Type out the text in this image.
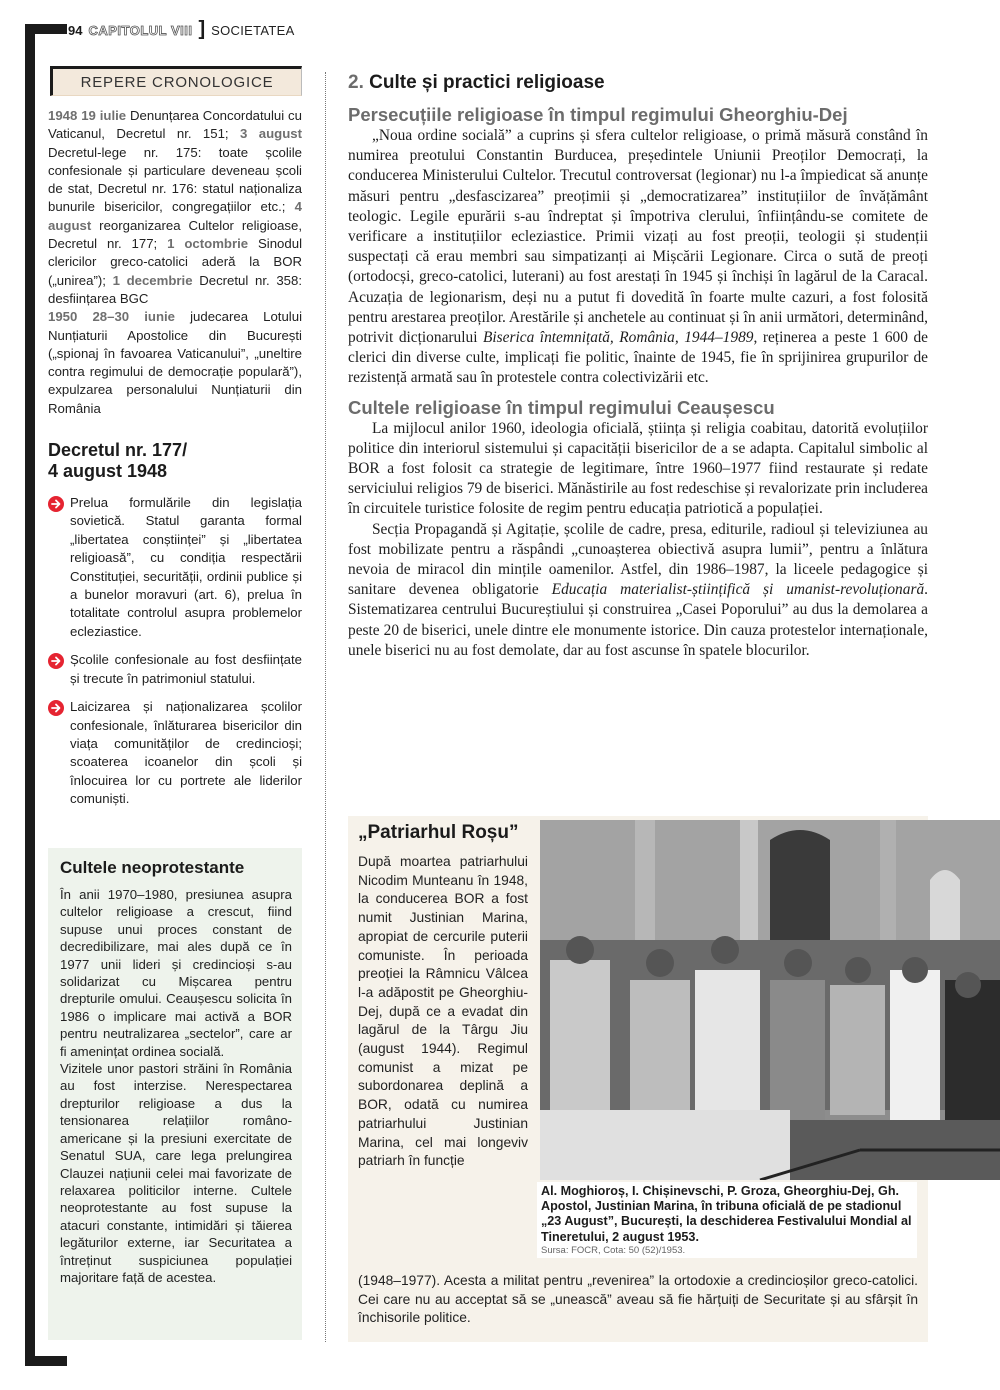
94 CAPITOLUL VIII ] SOCIETATEA
REPERE CRONOLOGICE
1948 19 iulie Denunțarea Concordatului cu Vaticanul, Decretul nr. 151; 3 august Decretul-lege nr. 175: toate școlile confesionale și particulare deveneau școli de stat, Decretul nr. 176: statul naționaliza bunurile bisericilor, congregațiilor etc.; 4 august reorganizarea Cultelor religioase, Decretul nr. 177; 1 octombrie Sinodul clericilor greco-catolici aderă la BOR („unirea”); 1 decembrie Decretul nr. 358: desființarea BGC
1950 28–30 iunie judecarea Lotului Nunțiaturii Apostolice din București („spionaj în favoarea Vaticanului”, „uneltire contra regimului de democrație populară”), expulzarea personalului Nunțiaturii din România
Decretul nr. 177/
4 august 1948
Prelua formulările din legislația sovietică. Statul garanta formal „libertatea conștiinței” și „libertatea religioasă”, cu condiția respectării Constituției, securității, ordinii publice și a bunelor moravuri (art. 6), prelua în totalitate controlul asupra problemelor ecleziastice.
Școlile confesionale au fost desființate și trecute în patrimoniul statului.
Laicizarea și naționalizarea școlilor confesionale, înlăturarea bisericilor din viața comunităților de credincioși; scoaterea icoanelor din școli și înlocuirea lor cu portrete ale liderilor comuniști.
Cultele neoprotestante
În anii 1970–1980, presiunea asupra cultelor religioase a crescut, fiind supuse unui proces constant de decredibilizare, mai ales după ce în 1977 unii lideri și credincioși s-au solidarizat cu Mișcarea pentru drepturile omului. Ceaușescu solicita în 1986 o implicare mai activă a BOR pentru neutralizarea „sectelor”, care ar fi amenințat ordinea socială.
Vizitele unor pastori străini în România au fost interzise. Nerespectarea drepturilor religioase a dus la tensionarea relațiilor româno-americane și la presiuni exercitate de Senatul SUA, care lega prelungirea Clauzei națiunii celei mai favorizate de relaxarea politicilor interne. Cultele neoprotestante au fost supuse la atacuri constante, intimidări și tăierea legăturilor externe, iar Securitatea a întreținut suspiciunea populației majoritare față de acestea.
2. Culte și practici religioase
Persecuțiile religioase în timpul regimului Gheorghiu-Dej

„Noua ordine socială” a cuprins și sfera cultelor religioase, o primă măsură constând în numirea preotului Constantin Burducea, președintele Uniunii Preoților Democrați, la conducerea Ministerului Cultelor. Trecutul controversat (legionar) nu l-a împiedicat să anunțe măsuri pentru „desfascizarea” preoțimii și „democratizarea” instituțiilor de învățământ teologic. Legile epurării s-au îndreptat și împotriva clerului, înființându-se comitete de verificare a instituțiilor ecleziastice. Primii vizați au fost preoții, teologii și studenții suspectați că erau membri sau simpatizanți ai Mișcării Legionare. Circa o sută de preoți (ortodocși, greco-catolici, luterani) au fost arestați în 1945 și închiși în lagărul de la Caracal. Acuzația de legionarism, deși nu a putut fi dovedită în foarte multe cazuri, a fost folosită pentru arestarea preoților. Arestările și anchetele au continuat și în anii următori, determinând, potrivit dicționarului Biserica întemnițată, România, 1944–1989, reținerea a peste 1 600 de clerici din diverse culte, implicați fie politic, înainte de 1945, fie în sprijinirea grupurilor de rezistență armată sau în protestele contra colectivizării etc.

Cultele religioase în timpul regimului Ceaușescu

La mijlocul anilor 1960, ideologia oficială, știința și religia coabitau, datorită evoluțiilor politice din interiorul sistemului și capacității bisericilor de a se adapta. Capitalul simbolic al BOR a fost folosit ca strategie de legitimare, între 1960–1977 fiind restaurate și redate serviciului religios 79 de biserici. Mănăstirile au fost redeschise și revalorizate prin includerea în circuitele turistice folosite de regim pentru educația patriotică a populației.

Secția Propagandă și Agitație, școlile de cadre, presa, editurile, radioul și televiziunea au fost mobilizate pentru a răspândi „cunoașterea obiectivă asupra lumii”, pentru a înlătura nevoia de miracol din mințile oamenilor. Astfel, din 1986–1987, la liceele pedagogice și sanitare devenea obligatorie Educația materialist-științifică și umanist-revoluționară. Sistematizarea centrului Bucureștiului și construirea „Casei Poporului” au dus la demolarea a peste 20 de biserici, unele dintre ele monumente istorice. Din cauza protestelor internaționale, unele biserici nu au fost demolate, dar au fost ascunse în spatele blocurilor.

„Patriarhul Roșu”
După moartea patriarhului Nicodim Munteanu în 1948, la conducerea BOR a fost numit Justinian Marina, apropiat de cercurile puterii comuniste. În perioada preoției la Râmnicu Vâlcea l-a adăpostit pe Gheorghiu-Dej, după ce a evadat din lagărul de la Târgu Jiu (august 1944). Regimul comunist a mizat pe subordonarea deplină a BOR, odată cu numirea patriarhului Justinian Marina, cel mai longeviv patriarh în funcție
(1948–1977). Acesta a militat pentru „revenirea” la ortodoxie a credincioșilor greco-catolici. Cei care nu au acceptat să se „unească” aveau să fie hărțuiți de Securitate și au sfârșit în închisorile politice.
Al. Moghioroș, I. Chișinevschi, P. Groza, Gheorghiu-Dej, Gh. Apostol, Justinian Marina, în tribuna oficială de pe stadionul „23 August”, București, la deschiderea Festivalului Mondial al Tineretului, 2 august 1953.
Sursa: FOCR, Cota: 50 (52)/1953.
